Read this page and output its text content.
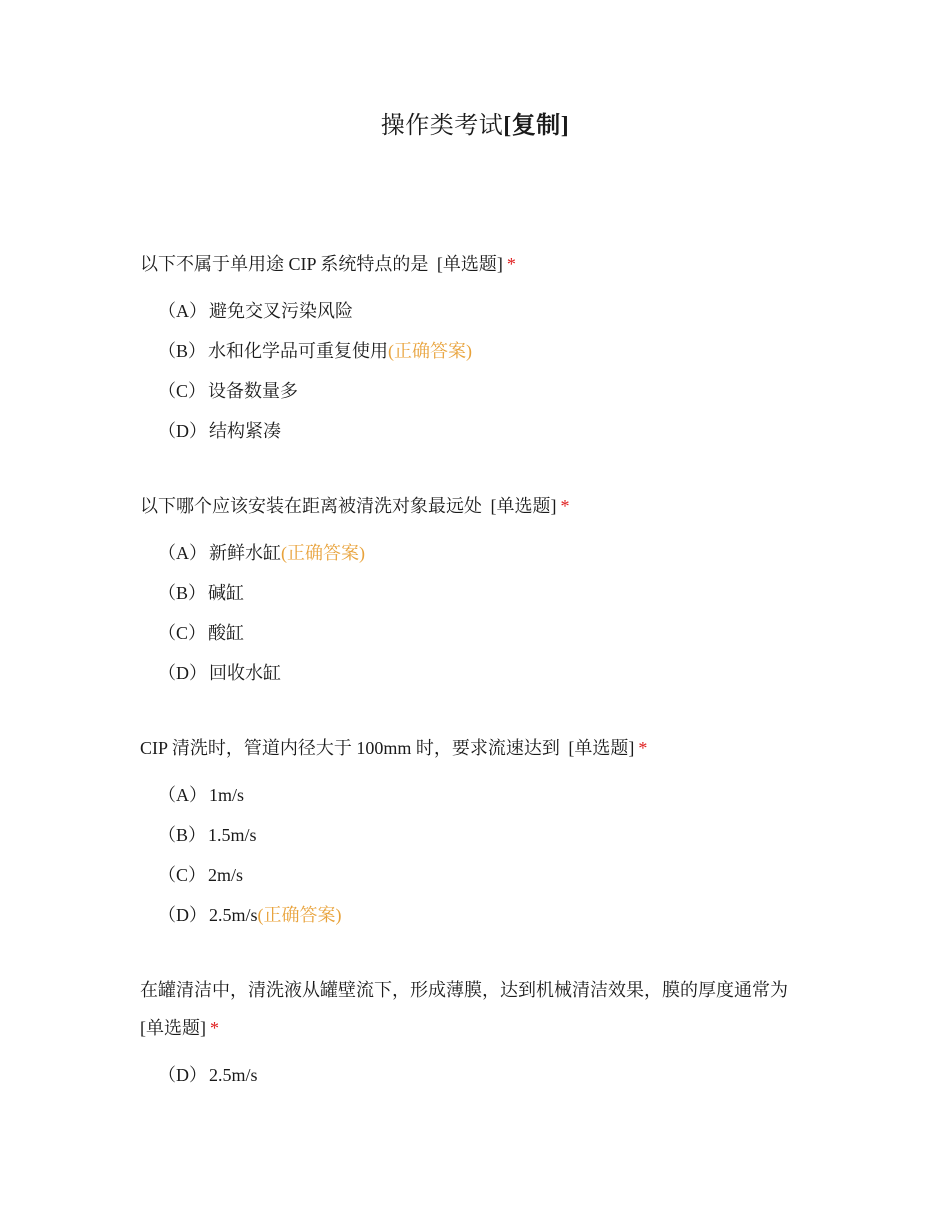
操作类考试[复制]

以下不属于单用途 CIP 系统特点的是 [单选题] *

（A） 避免交叉污染风险
（B） 水和化学品可重复使用(正确答案)
（C） 设备数量多
（D） 结构紧凑

以下哪个应该安装在距离被清洗对象最远处 [单选题] *

（A） 新鲜水缸(正确答案)
（B） 碱缸
（C） 酸缸
（D） 回收水缸

CIP 清洗时，管道内径大于 100mm 时，要求流速达到 [单选题] *

（A） 1m/s
（B） 1.5m/s
（C） 2m/s
（D） 2.5m/s(正确答案)

在罐清洁中，清洗液从罐壁流下，形成薄膜，达到机械清洁效果，膜的厚度通常为
[单选题] *

（D） 2.5m/s
